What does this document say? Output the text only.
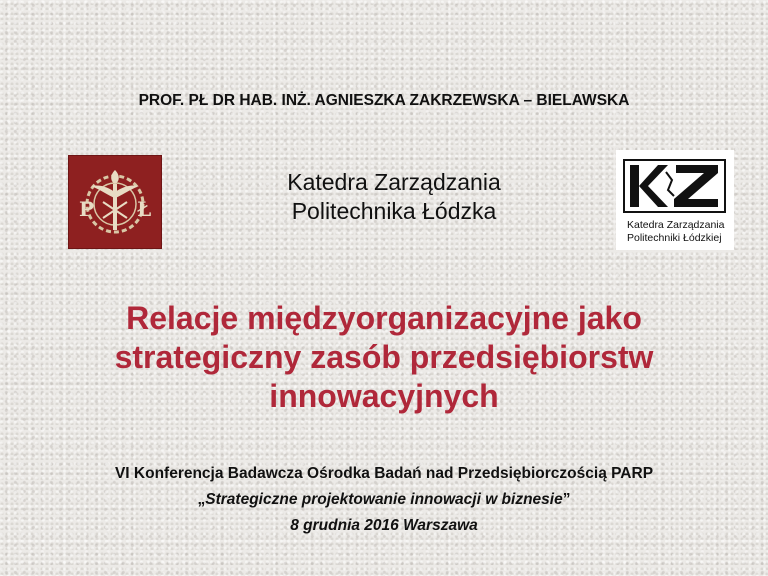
PROF. PŁ DR HAB. INŻ. AGNIESZKA ZAKRZEWSKA – BIELAWSKA
P Ł
Katedra Zarządzania
Politechnika Łódzka
Katedra Zarządzania
Politechniki Łódzkiej
Relacje międzyorganizacyjne jako
strategiczny zasób przedsiębiorstw
innowacyjnych
VI Konferencja Badawcza Ośrodka Badań nad Przedsiębiorczością PARP
„Strategiczne projektowanie innowacji w biznesie”
8 grudnia 2016 Warszawa
